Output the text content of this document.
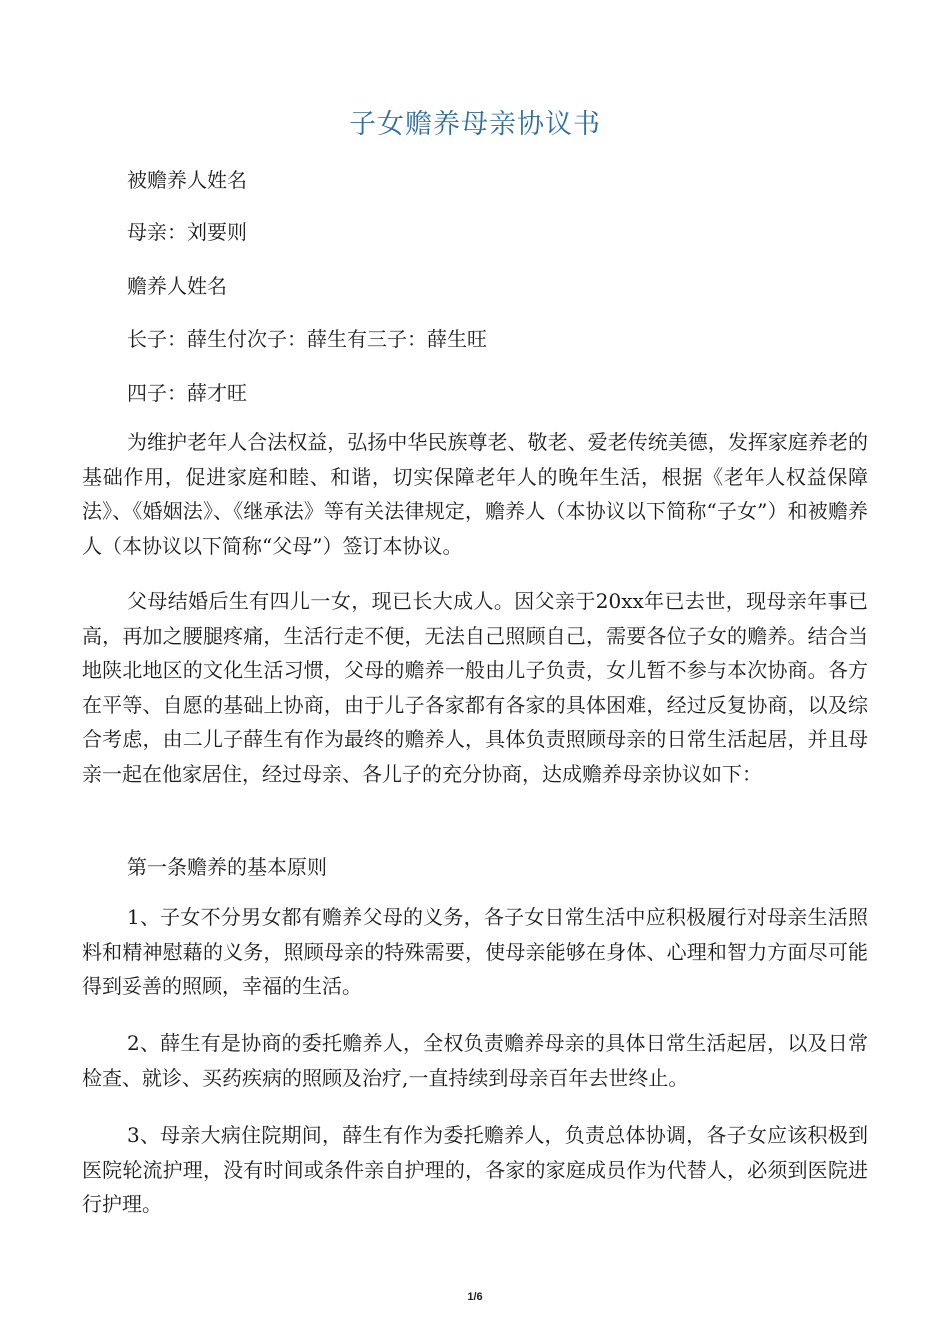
子女赡养母亲协议书
被赡养人姓名
母亲：刘要则
赡养人姓名
长子：薛生付次子：薛生有三子：薛生旺
四子：薛才旺

为维护老年人合法权益，弘扬中华民族尊老、敬老、爱老传统美德，发挥家庭养老的基础作用，促进家庭和睦、和谐，切实保障老年人的晚年生活，根据《老年人权益保障法》、《婚姻法》、《继承法》等有关法律规定，赡养人（本协议以下简称“子女”）和被赡养人（本协议以下简称“父母”）签订本协议。

父母结婚后生有四儿一女，现已长大成人。因父亲于20xx年已去世，现母亲年事已高，再加之腰腿疼痛，生活行走不便，无法自己照顾自己，需要各位子女的赡养。结合当地陕北地区的文化生活习惯，父母的赡养一般由儿子负责，女儿暂不参与本次协商。各方在平等、自愿的基础上协商，由于儿子各家都有各家的具体困难，经过反复协商，以及综合考虑，由二儿子薛生有作为最终的赡养人，具体负责照顾母亲的日常生活起居，并且母亲一起在他家居住，经过母亲、各儿子的充分协商，达成赡养母亲协议如下：

第一条赡养的基本原则

1、子女不分男女都有赡养父母的义务，各子女日常生活中应积极履行对母亲生活照料和精神慰藉的义务，照顾母亲的特殊需要，使母亲能够在身体、心理和智力方面尽可能得到妥善的照顾，幸福的生活。

2、薛生有是协商的委托赡养人，全权负责赡养母亲的具体日常生活起居，以及日常检查、就诊、买药疾病的照顾及治疗,一直持续到母亲百年去世终止。

3、母亲大病住院期间，薛生有作为委托赡养人，负责总体协调，各子女应该积极到医院轮流护理，没有时间或条件亲自护理的，各家的家庭成员作为代替人，必须到医院进行护理。

1/6
